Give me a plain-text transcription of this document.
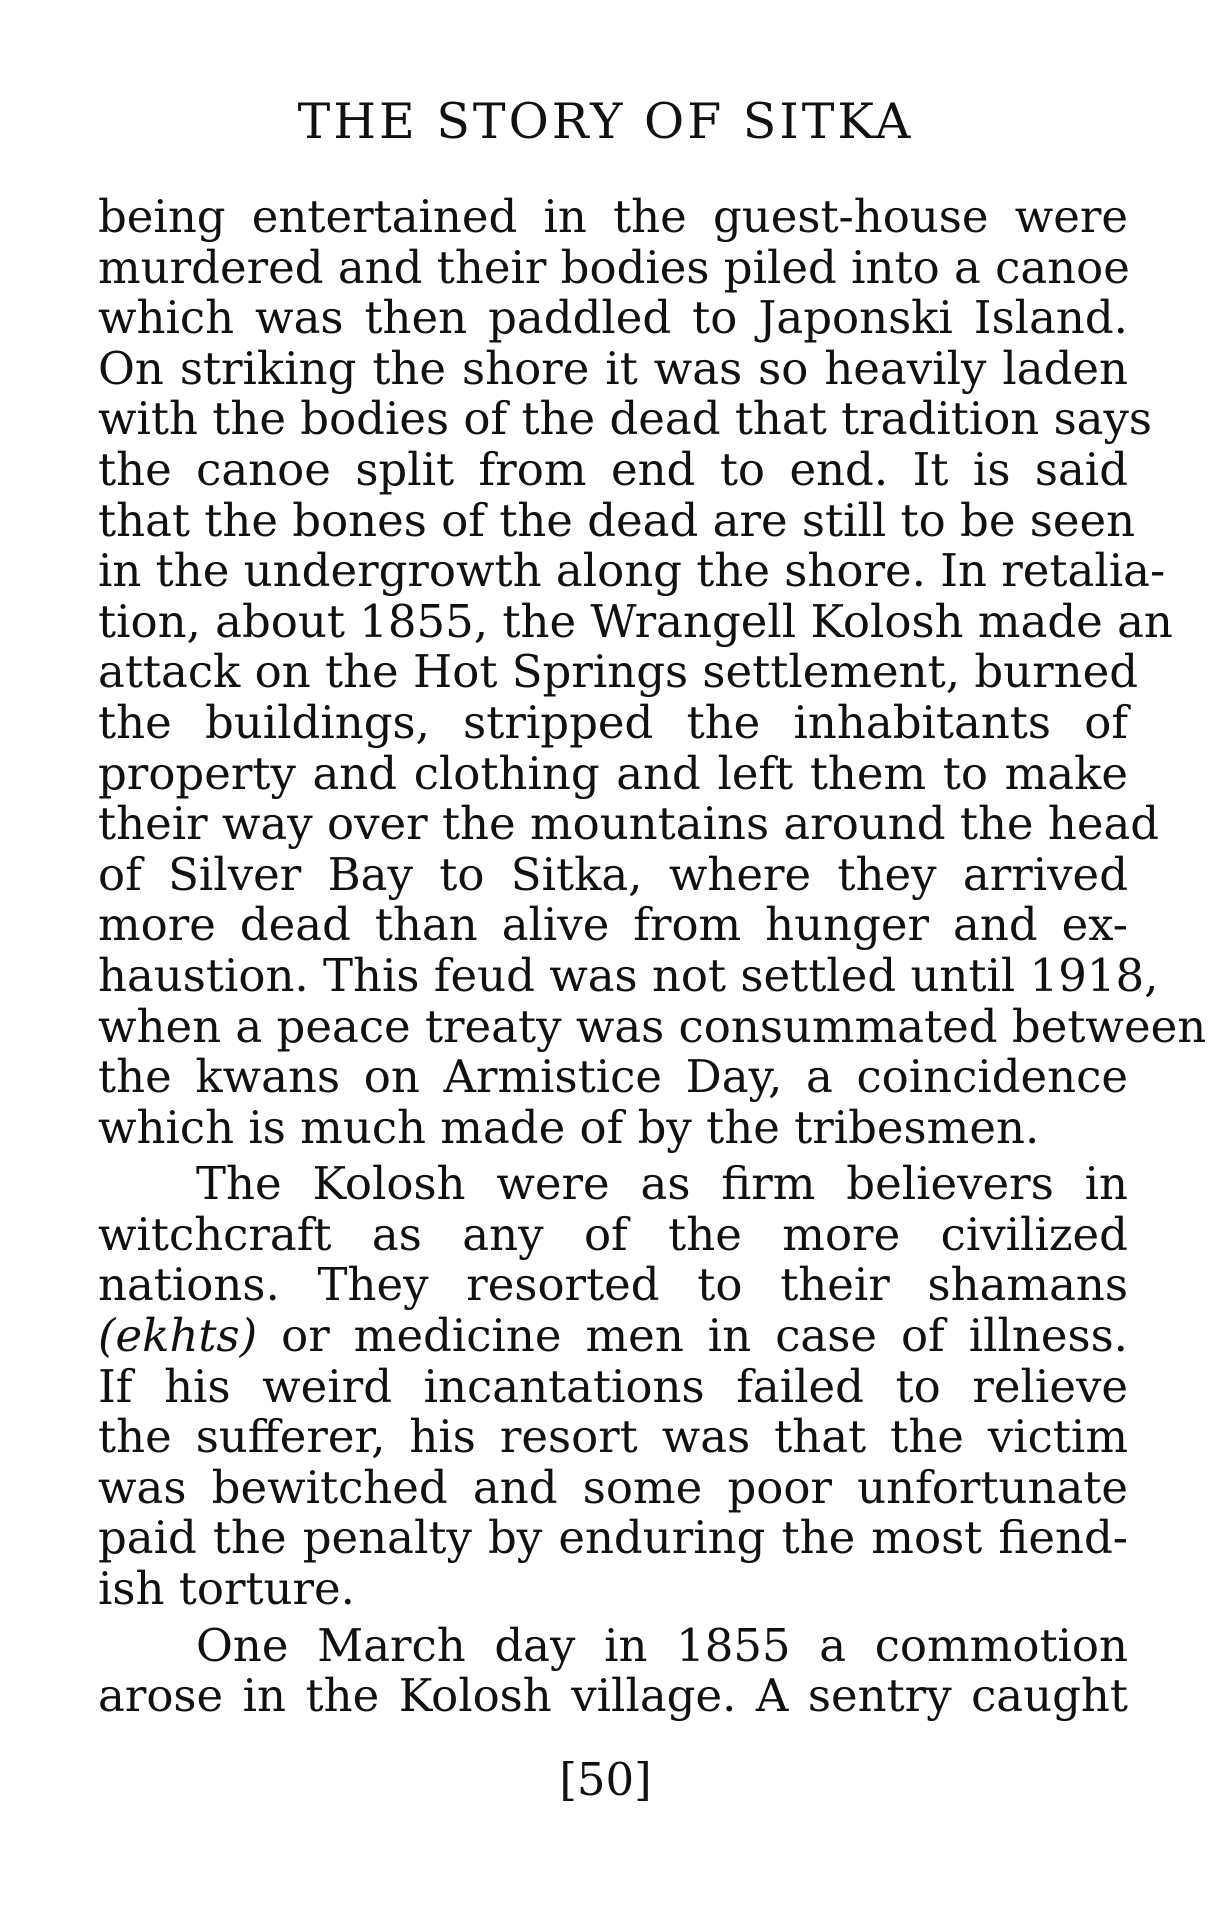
THE STORY OF SITKA
being entertained in the guest-house were
murdered and their bodies piled into a canoe
which was then paddled to Japonski Island.
On striking the shore it was so heavily laden
with the bodies of the dead that tradition says
the canoe split from end to end. It is said
that the bones of the dead are still to be seen
in the undergrowth along the shore. In retalia-
tion, about 1855, the Wrangell Kolosh made an
attack on the Hot Springs settlement, burned
the buildings, stripped the inhabitants of
property and clothing and left them to make
their way over the mountains around the head
of Silver Bay to Sitka, where they arrived
more dead than alive from hunger and ex-
haustion. This feud was not settled until 1918,
when a peace treaty was consummated between
the kwans on Armistice Day, a coincidence
which is much made of by the tribesmen.
The Kolosh were as firm believers in
witchcraft as any of the more civilized
nations. They resorted to their shamans
(ekhts) or medicine men in case of illness.
If his weird incantations failed to relieve
the sufferer, his resort was that the victim
was bewitched and some poor unfortunate
paid the penalty by enduring the most fiend-
ish torture.
One March day in 1855 a commotion
arose in the Kolosh village. A sentry caught
[50]
